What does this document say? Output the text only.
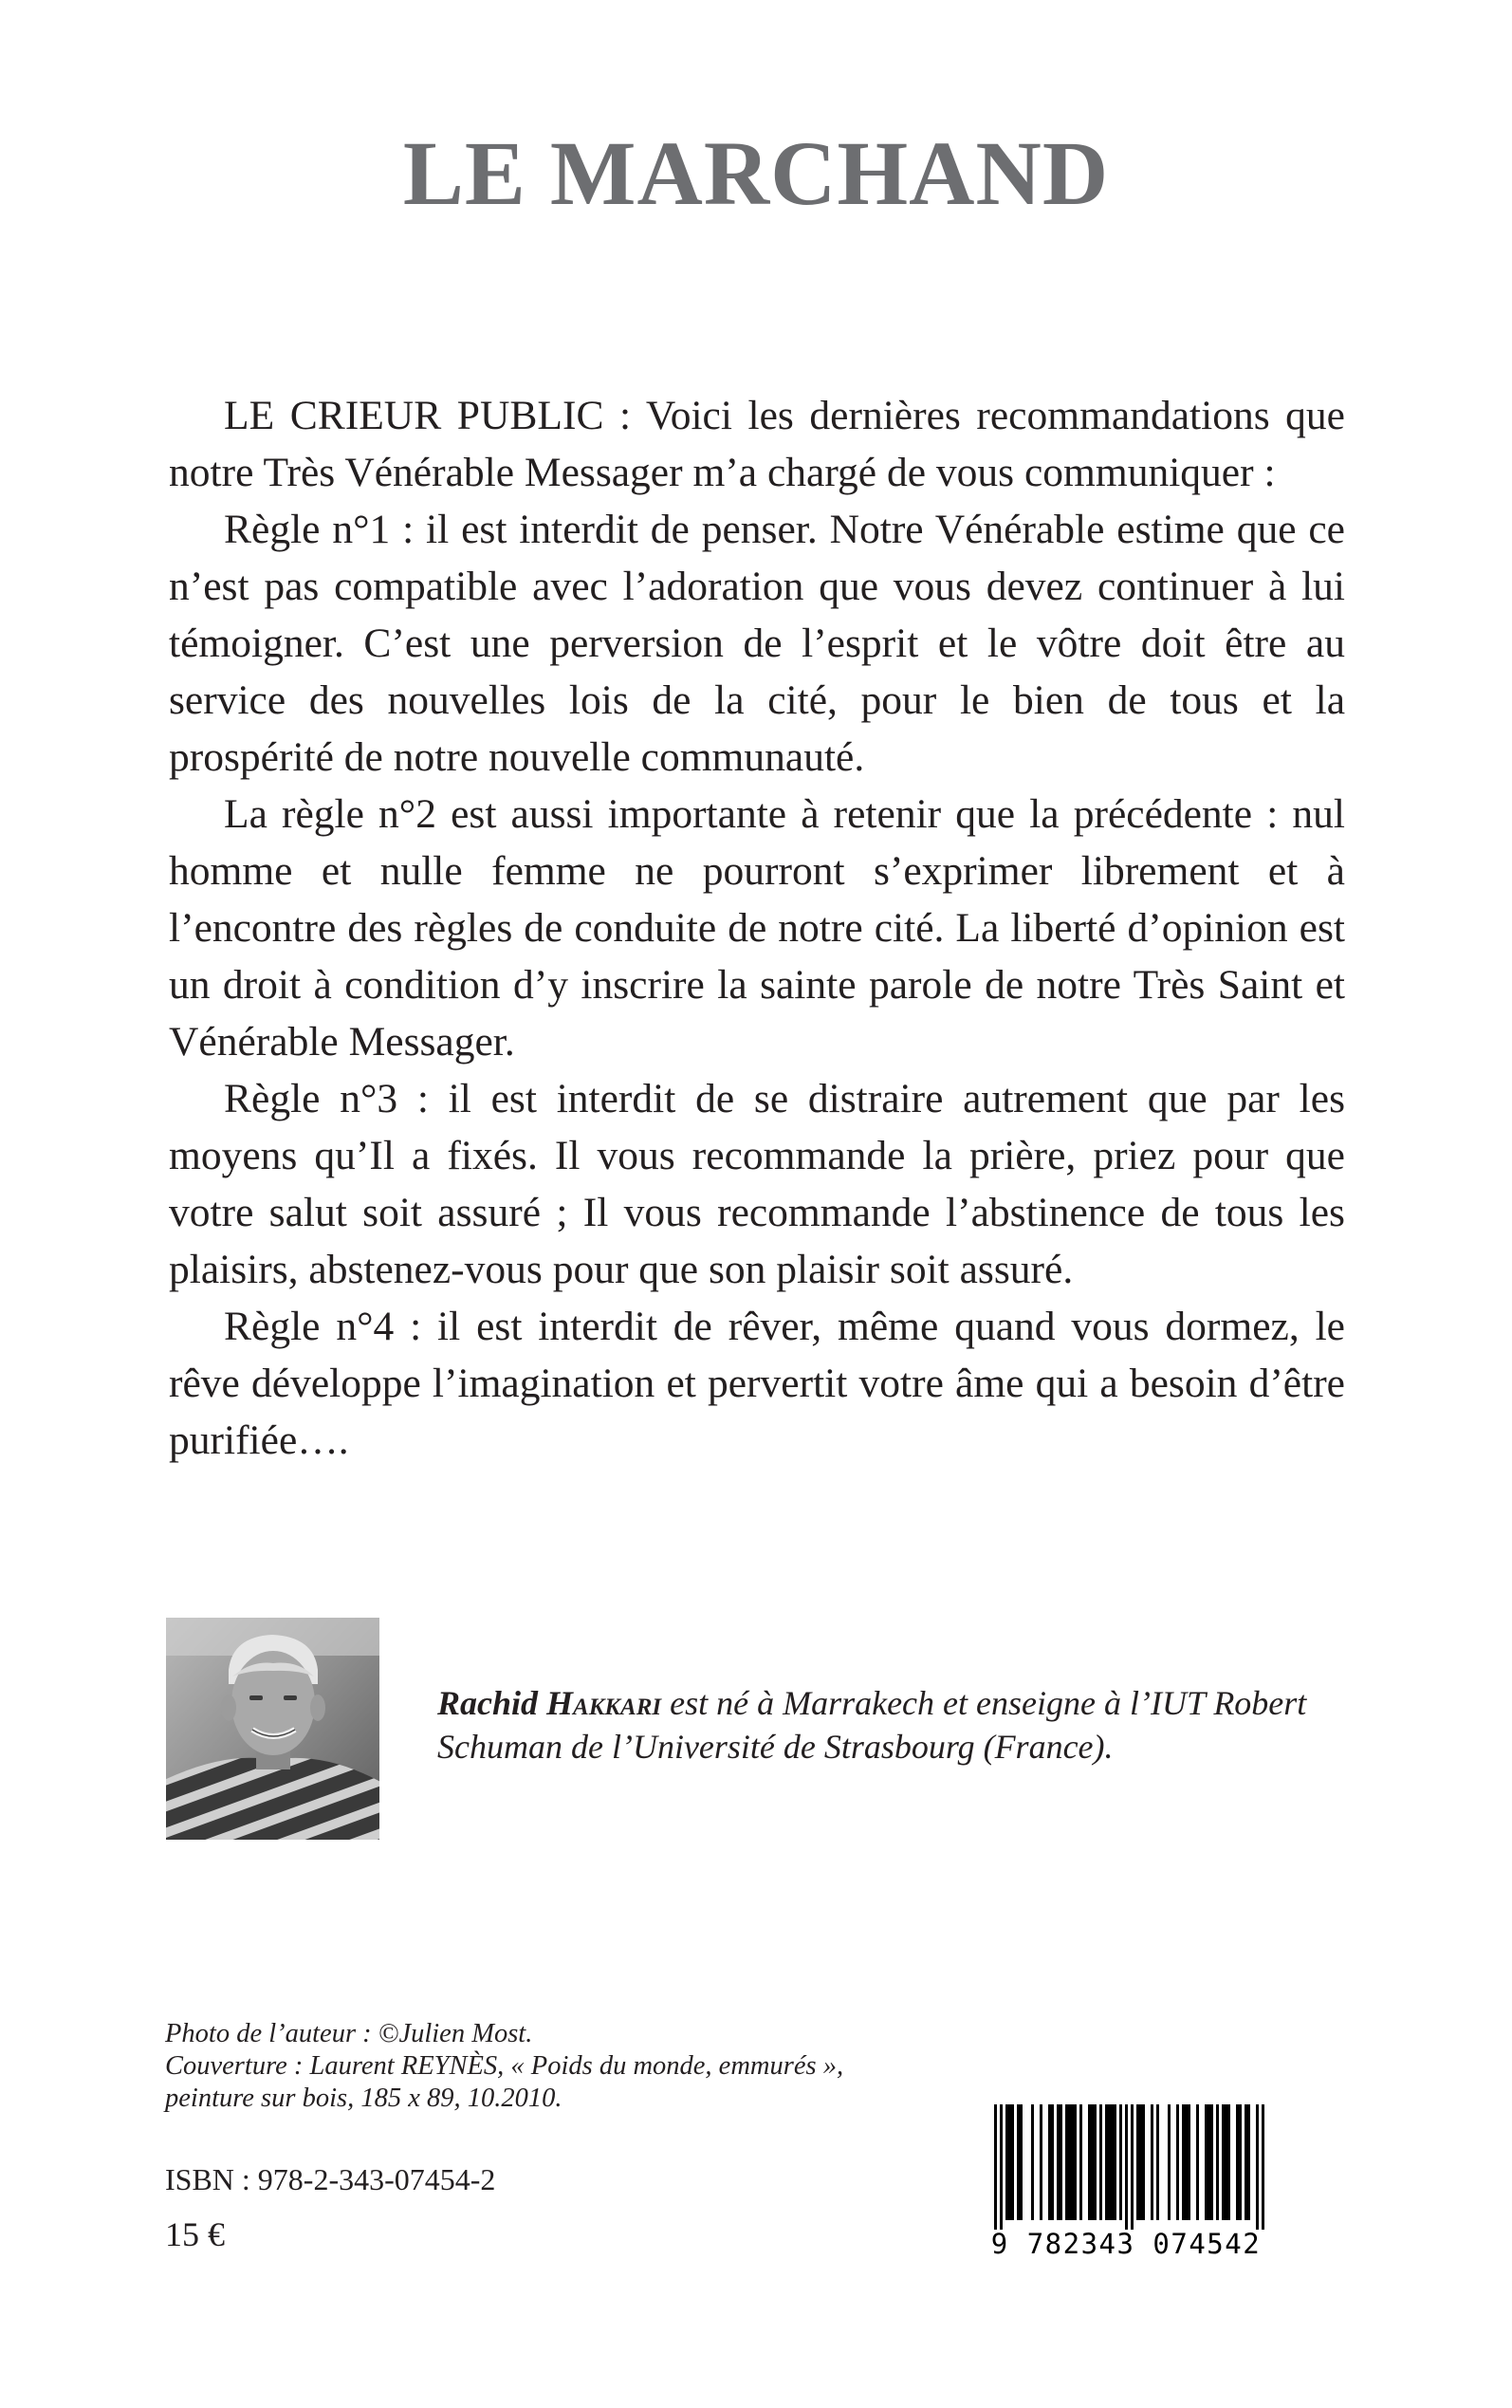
LE MARCHAND

LE CRIEUR PUBLIC : Voici les dernières recommandations que notre Très Vénérable Messager m’a chargé de vous communiquer :

Règle n°1 : il est interdit de penser. Notre Vénérable estime que ce n’est pas compatible avec l’adoration que vous devez continuer à lui témoigner. C’est une perversion de l’esprit et le vôtre doit être au service des nouvelles lois de la cité, pour le bien de tous et la prospérité de notre nouvelle communauté.

La règle n°2 est aussi importante à retenir que la précédente : nul homme et nulle femme ne pourront s’exprimer librement et à l’encontre des règles de conduite de notre cité. La liberté d’opinion est un droit à condition d’y inscrire la sainte parole de notre Très Saint et Vénérable Messager.

Règle n°3 : il est interdit de se distraire autrement que par les moyens qu’Il a fixés. Il vous recommande la prière, priez pour que votre salut soit assuré ; Il vous recommande l’abstinence de tous les plaisirs, abstenez-vous pour que son plaisir soit assuré.

Règle n°4 : il est interdit de rêver, même quand vous dormez, le rêve développe l’imagination et pervertit votre âme qui a besoin d’être purifiée….

Rachid Hakkari est né à Marrakech et enseigne à l’IUT Robert Schuman de l’Université de Strasbourg (France).

Photo de l’auteur : ©Julien Most.
Couverture : Laurent REYNÈS, « Poids du monde, emmurés »,
peinture sur bois, 185 x 89, 10.2010.
ISBN : 978-2-343-07454-2
15 €	9 782343 074542
